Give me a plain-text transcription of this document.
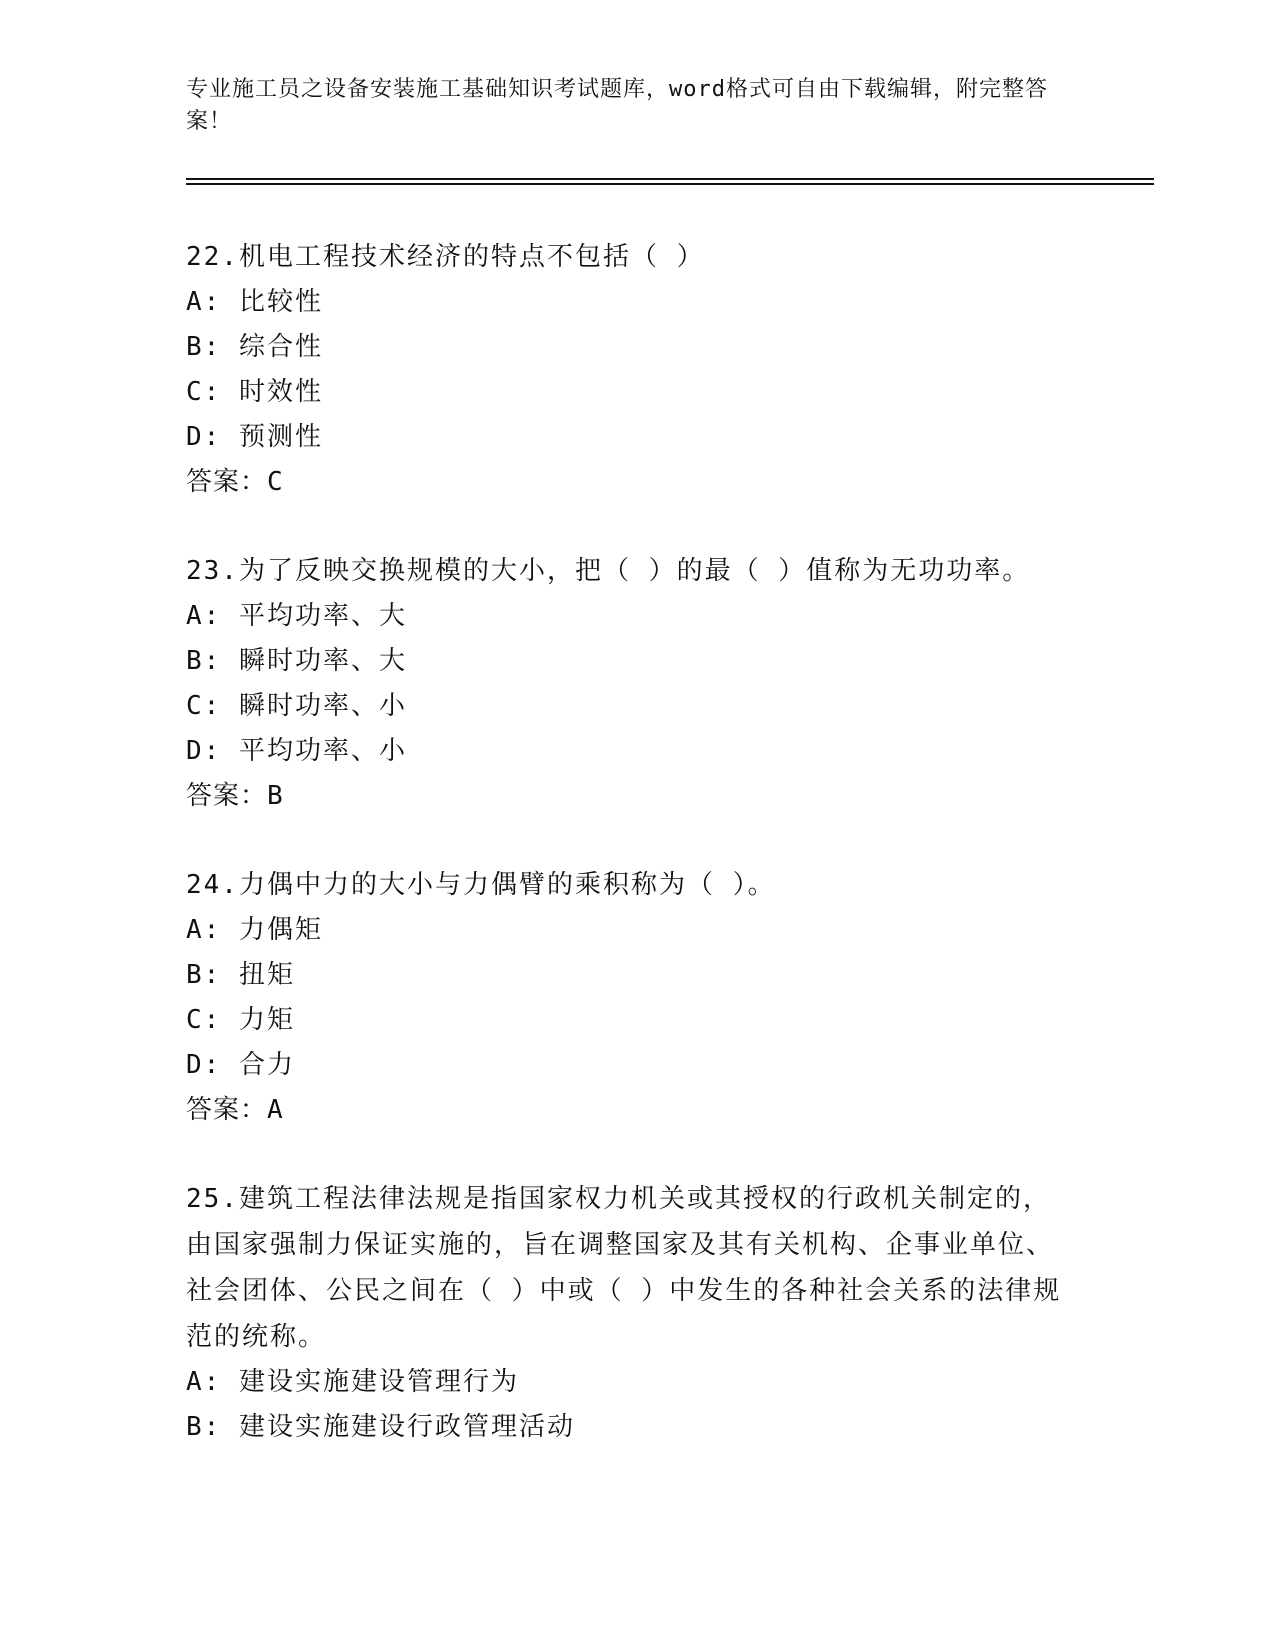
专业施工员之设备安装施工基础知识考试题库，word格式可自由下载编辑，附完整答案！
22.机电工程技术经济的特点不包括（ ）
A: 比较性
B: 综合性
C: 时效性
D: 预测性
答案：C
23.为了反映交换规模的大小，把（ ）的最（ ）值称为无功功率。
A: 平均功率、大
B: 瞬时功率、大
C: 瞬时功率、小
D: 平均功率、小
答案：B
24.力偶中力的大小与力偶臂的乘积称为（ ）。
A: 力偶矩
B: 扭矩
C: 力矩
D: 合力
答案：A
25.建筑工程法律法规是指国家权力机关或其授权的行政机关制定的，由国家强制力保证实施的，旨在调整国家及其有关机构、企事业单位、社会团体、公民之间在（ ）中或（ ）中发生的各种社会关系的法律规范的统称。
A: 建设实施建设管理行为
B: 建设实施建设行政管理活动
